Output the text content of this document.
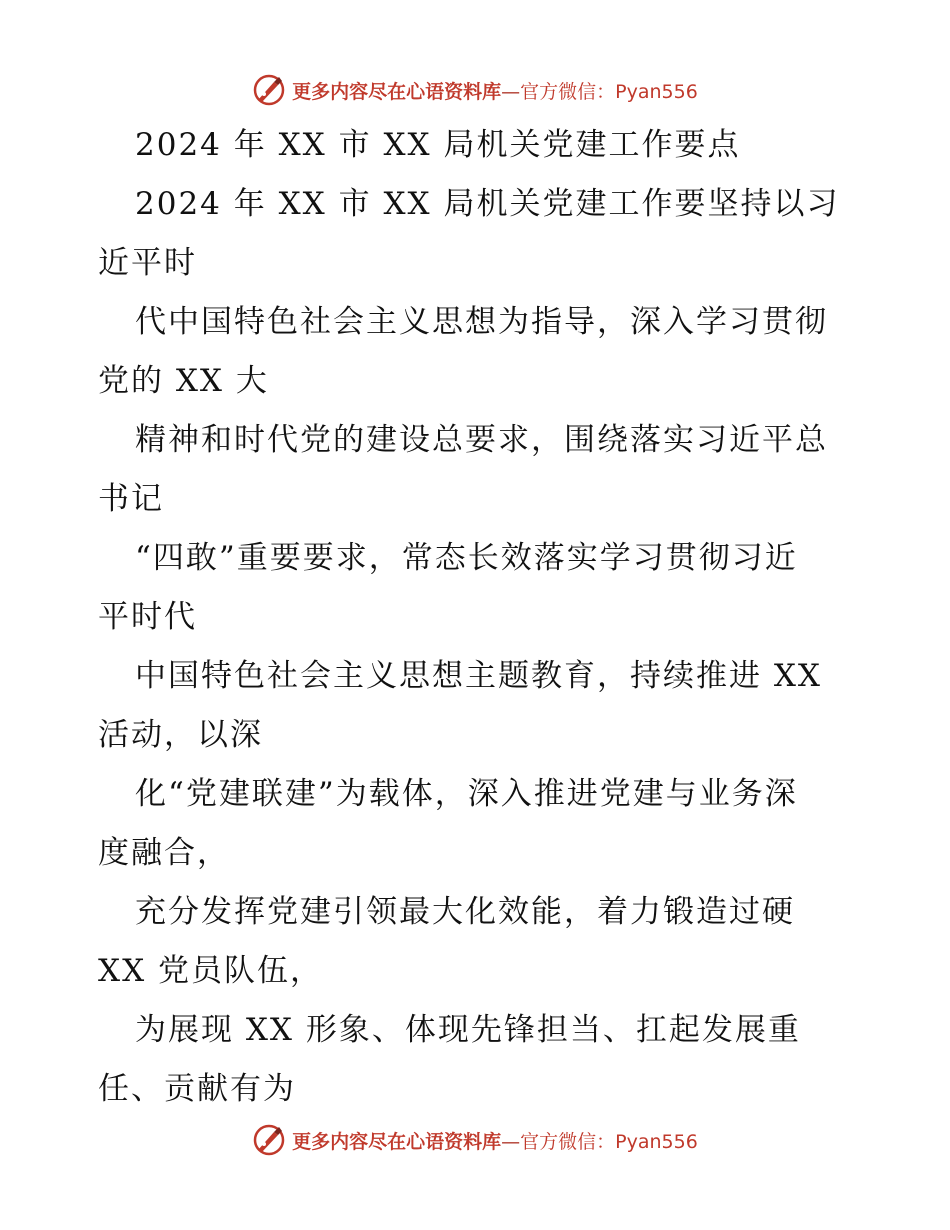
更多内容尽在心语资料库—官方微信：Pyan556
2024 年 XX 市 XX 局机关党建工作要点
2024 年 XX 市 XX 局机关党建工作要坚持以习
近平时
代中国特色社会主义思想为指导，深入学习贯彻
党的 XX 大
精神和时代党的建设总要求，围绕落实习近平总
书记
“四敢”重要要求，常态长效落实学习贯彻习近
平时代
中国特色社会主义思想主题教育，持续推进 XX
活动，以深
化“党建联建”为载体，深入推进党建与业务深
度融合，
充分发挥党建引领最大化效能，着力锻造过硬
XX 党员队伍，
为展现 XX 形象、体现先锋担当、扛起发展重
任、贡献有为
更多内容尽在心语资料库—官方微信：Pyan556
